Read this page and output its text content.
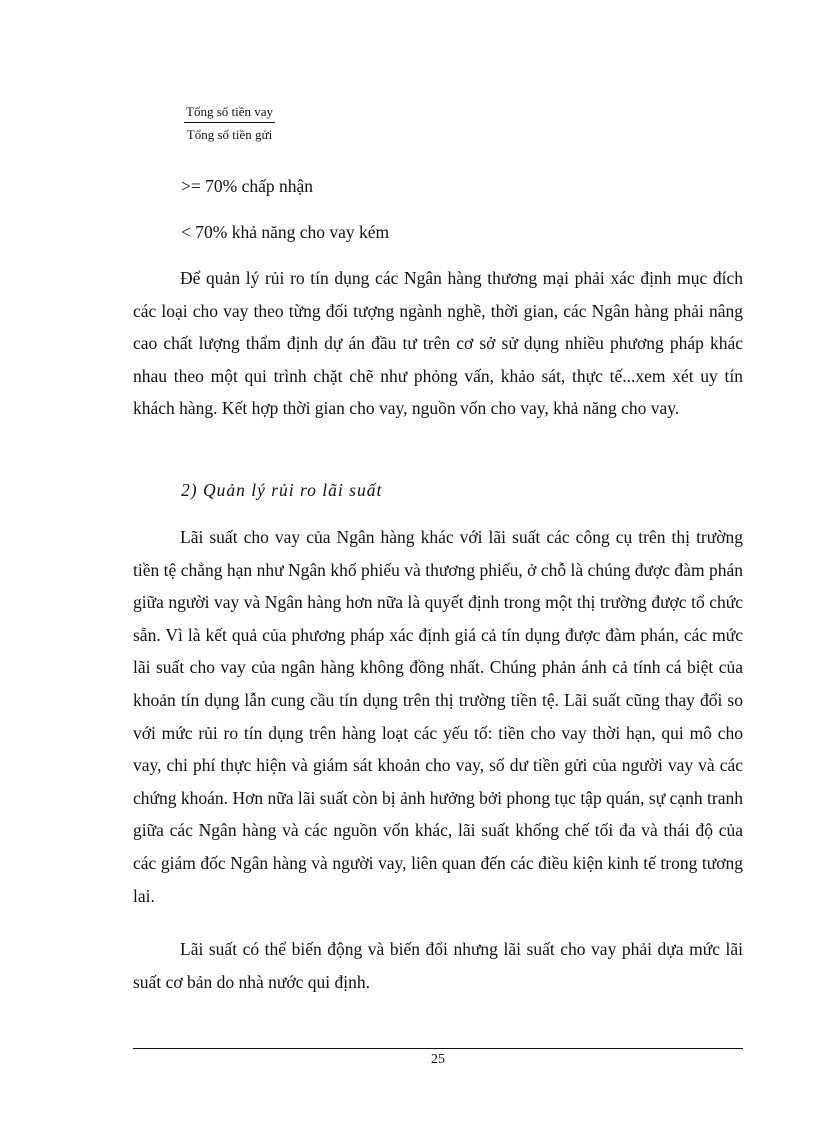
Tổng số tiền vay
Tổng số tiền gửi
>= 70% chấp nhận
< 70% khả năng cho vay kém

Để quản lý rủi ro tín dụng các Ngân hàng thương mại phải xác định mục đích các loại cho vay theo từng đối tượng ngành nghề, thời gian, các Ngân hàng phải nâng cao chất lượng thẩm định dự án đầu tư trên cơ sở sử dụng nhiều phương pháp khác nhau theo một qui trình chặt chẽ như phỏng vấn, khảo sát, thực tế...xem xét uy tín khách hàng. Kết hợp thời gian cho vay, nguồn vốn cho vay, khả năng cho vay.

2) Quản lý rủi ro lãi suất

Lãi suất cho vay của Ngân hàng khác với lãi suất các công cụ trên thị trường tiền tệ chẳng hạn như Ngân khố phiếu và thương phiếu, ở chỗ là chúng được đàm phán giữa người vay và Ngân hàng hơn nữa là quyết định trong một thị trường được tổ chức sẵn. Vì là kết quả của phương pháp xác định giá cả tín dụng được đàm phán, các mức lãi suất cho vay của ngân hàng không đồng nhất. Chúng phản ánh cả tính cá biệt của khoản tín dụng lẫn cung cầu tín dụng trên thị trường tiền tệ. Lãi suất cũng thay đổi so với mức rủi ro tín dụng trên hàng loạt các yếu tố: tiền cho vay thời hạn, qui mô cho vay, chi phí thực hiện và giám sát khoản cho vay, số dư tiền gửi của người vay và các chứng khoán. Hơn nữa lãi suất còn bị ảnh hưởng bởi phong tục tập quán, sự cạnh tranh giữa các Ngân hàng và các nguồn vốn khác, lãi suất khống chế tối đa và thái độ của các giám đốc Ngân hàng và người vay, liên quan đến các điều kiện kinh tế trong tương lai.

Lãi suất có thể biến động và biến đổi nhưng lãi suất cho vay phải dựa mức lãi suất cơ bản do nhà nước qui định.

25
